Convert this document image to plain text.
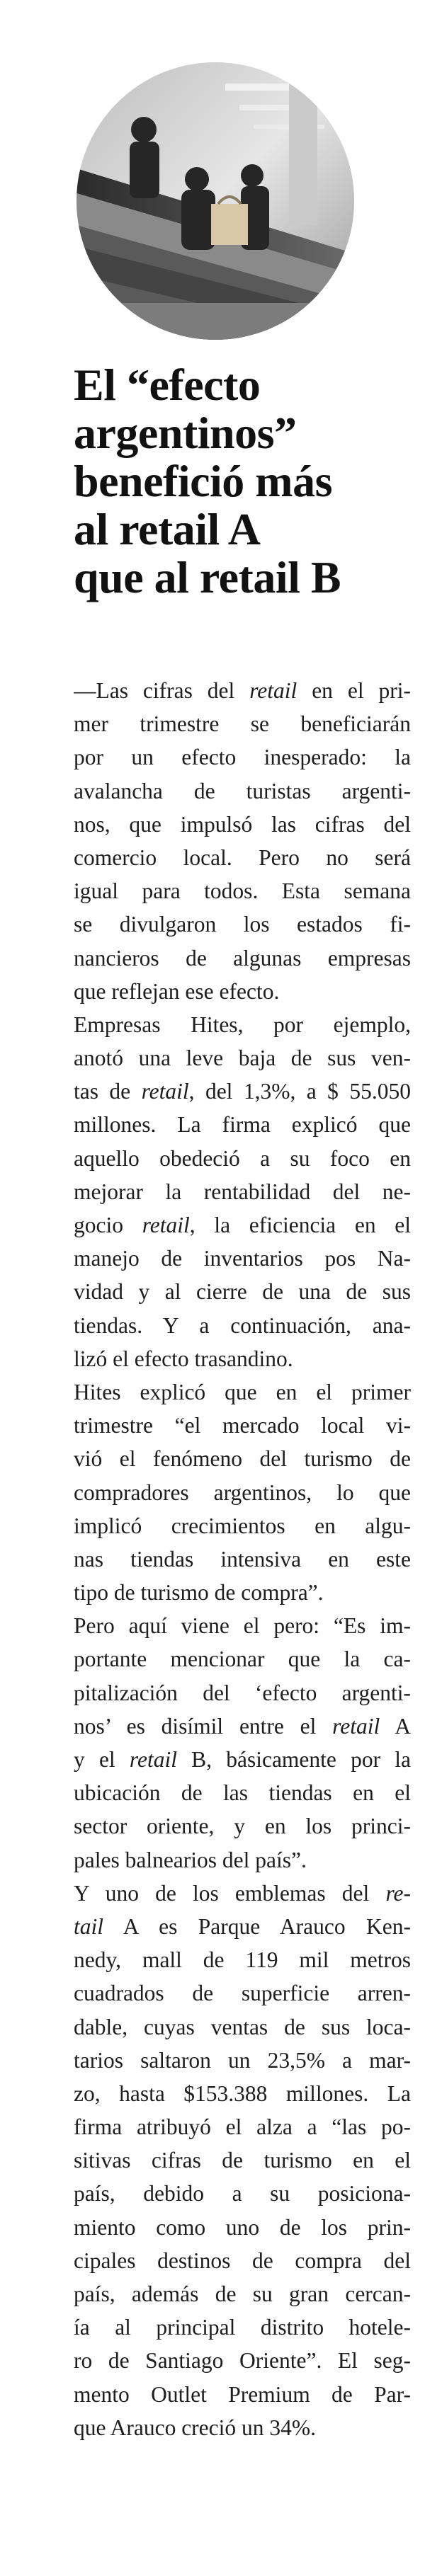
El “efecto
argentinos”
benefició más
al retail A
que al retail B
—Las cifras del retail en el pri-
mer trimestre se beneficiarán
por un efecto inesperado: la
avalancha de turistas argenti-
nos, que impulsó las cifras del
comercio local. Pero no será
igual para todos. Esta semana
se divulgaron los estados fi-
nancieros de algunas empresas
que reflejan ese efecto.
Empresas Hites, por ejemplo,
anotó una leve baja de sus ven-
tas de retail, del 1,3%, a $ 55.050
millones. La firma explicó que
aquello obedeció a su foco en
mejorar la rentabilidad del ne-
gocio retail, la eficiencia en el
manejo de inventarios pos Na-
vidad y al cierre de una de sus
tiendas. Y a continuación, ana-
lizó el efecto trasandino.
Hites explicó que en el primer
trimestre “el mercado local vi-
vió el fenómeno del turismo de
compradores argentinos, lo que
implicó crecimientos en algu-
nas tiendas intensiva en este
tipo de turismo de compra”.
Pero aquí viene el pero: “Es im-
portante mencionar que la ca-
pitalización del ‘efecto argenti-
nos’ es disímil entre el retail A
y el retail B, básicamente por la
ubicación de las tiendas en el
sector oriente, y en los princi-
pales balnearios del país”.
Y uno de los emblemas del re-
tail A es Parque Arauco Ken-
nedy, mall de 119 mil metros
cuadrados de superficie arren-
dable, cuyas ventas de sus loca-
tarios saltaron un 23,5% a mar-
zo, hasta $153.388 millones. La
firma atribuyó el alza a “las po-
sitivas cifras de turismo en el
país, debido a su posiciona-
miento como uno de los prin-
cipales destinos de compra del
país, además de su gran cercan-
ía al principal distrito hotele-
ro de Santiago Oriente”. El seg-
mento Outlet Premium de Par-
que Arauco creció un 34%.
